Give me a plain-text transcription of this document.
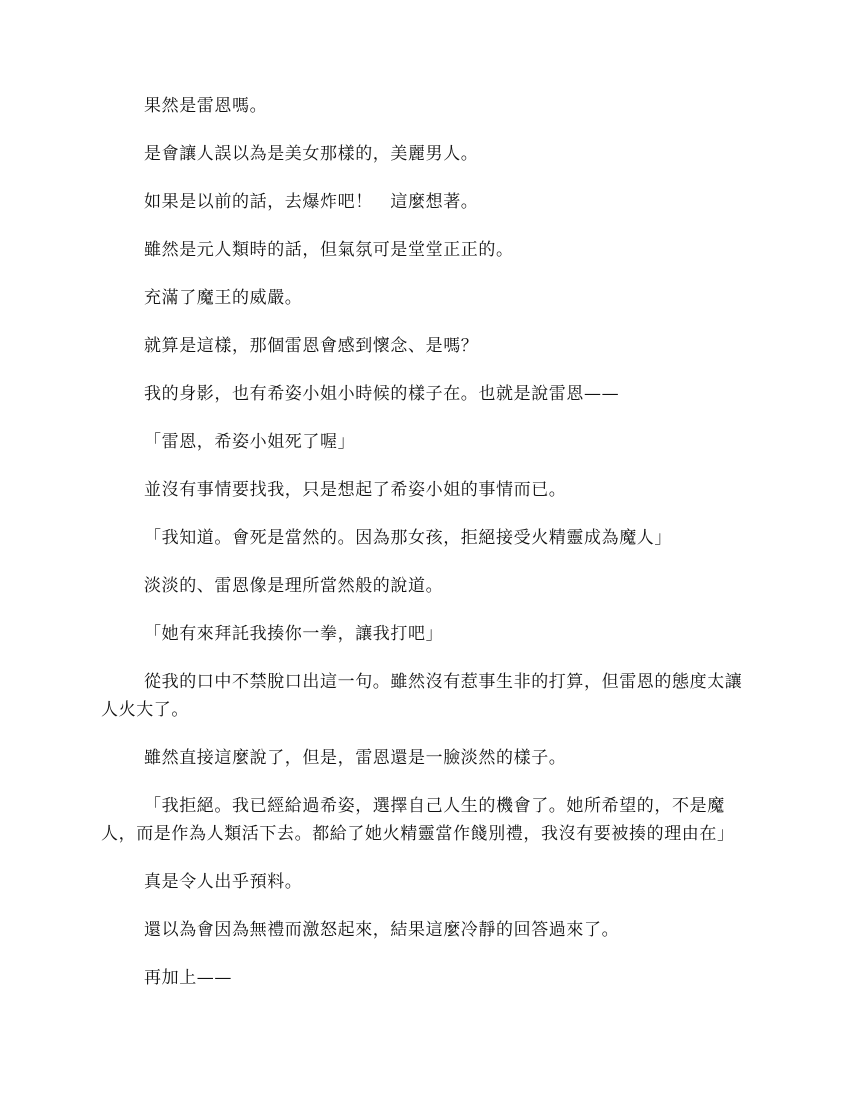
果然是雷恩嗎。

是會讓人誤以為是美女那樣的，美麗男人。

如果是以前的話，去爆炸吧！　這麼想著。

雖然是元人類時的話，但氣氛可是堂堂正正的。

充滿了魔王的威嚴。

就算是這樣，那個雷恩會感到懷念、是嗎？

我的身影，也有希姿小姐小時候的樣子在。也就是說雷恩——

「雷恩，希姿小姐死了喔」

並沒有事情要找我，只是想起了希姿小姐的事情而已。

「我知道。會死是當然的。因為那女孩，拒絕接受火精靈成為魔人」

淡淡的、雷恩像是理所當然般的說道。

「她有來拜託我揍你一拳，讓我打吧」

從我的口中不禁脫口出這一句。雖然沒有惹事生非的打算，但雷恩的態度太讓人火大了。

雖然直接這麼說了，但是，雷恩還是一臉淡然的樣子。

「我拒絕。我已經給過希姿，選擇自己人生的機會了。她所希望的，不是魔人，而是作為人類活下去。都給了她火精靈當作餞別禮，我沒有要被揍的理由在」

真是令人出乎預料。

還以為會因為無禮而激怒起來，結果這麼冷靜的回答過來了。

再加上——
